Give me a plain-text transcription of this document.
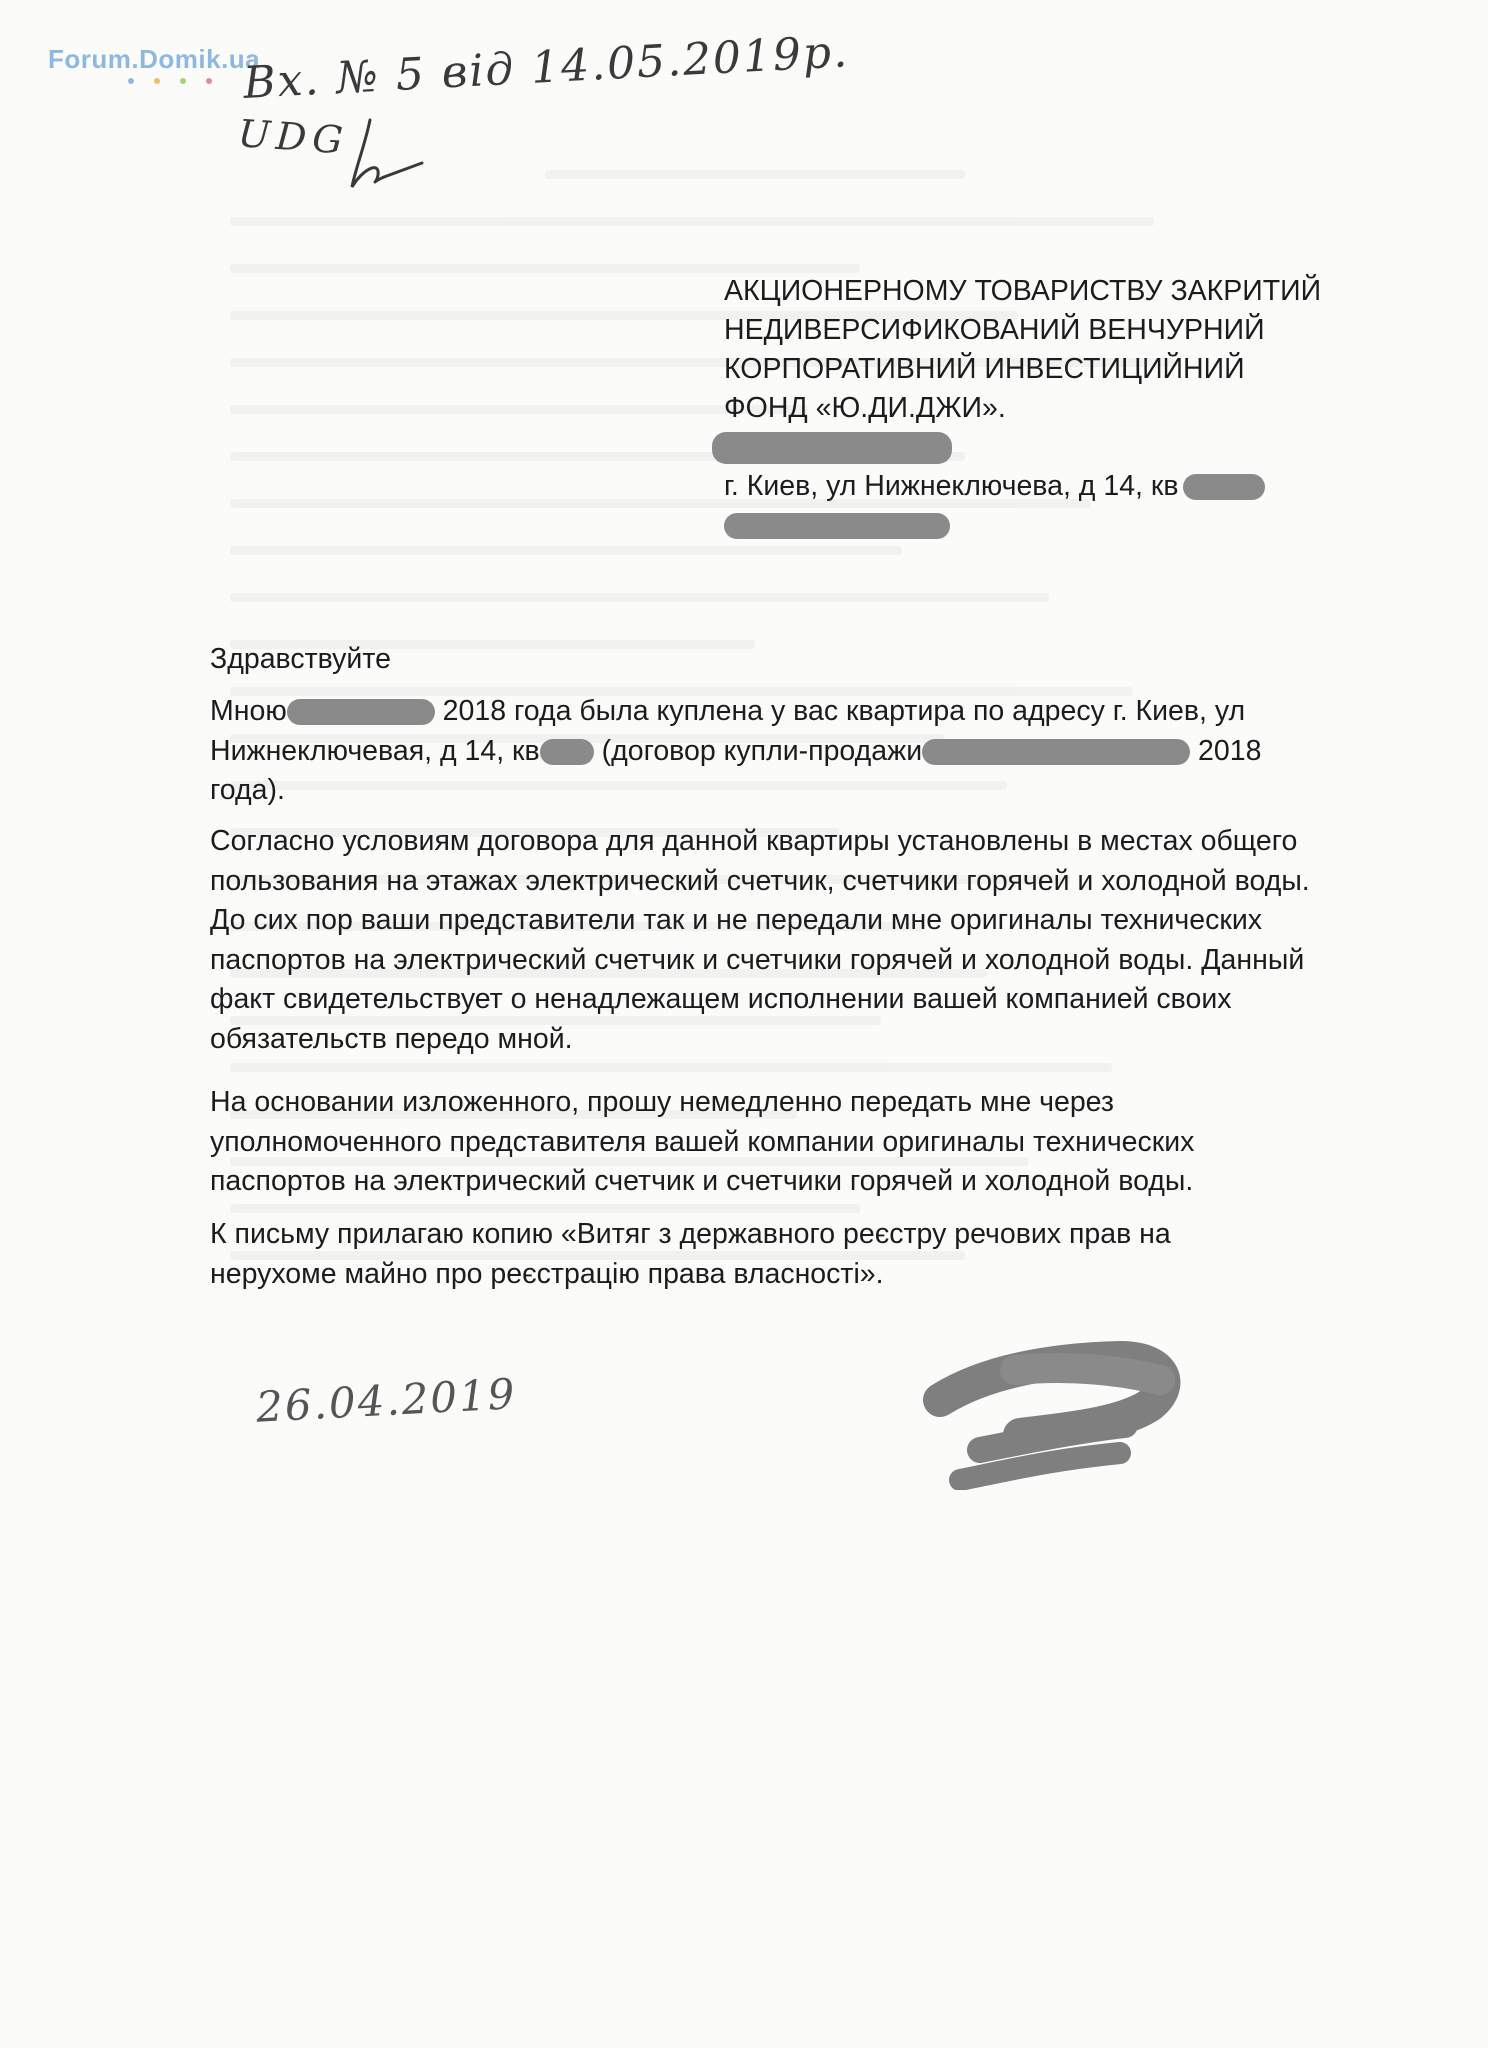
Forum.Domik.ua
Вх. № 5 від 14.05.2019р.
UDG
АКЦИОНЕРНОМУ ТОВАРИСТВУ ЗАКРИТИЙ
НЕДИВЕРСИФИКОВАНИЙ ВЕНЧУРНИЙ
КОРПОРАТИВНИЙ ИНВЕСТИЦИЙНИЙ
ФОНД «Ю.ДИ.ДЖИ».
г. Киев, ул Нижнеключева, д 14, кв
Здравствуйте

Мною	2018 года была куплена у вас квартира по адресу г. Киев, ул

Нижнеключевая, д 14, кв (договор купли-продажи	2018

года).

Согласно условиям договора для данной квартиры установлены в местах общего пользования на этажах электрический счетчик, счетчики горячей и холодной воды. До сих пор ваши представители так и не передали мне оригиналы технических паспортов на электрический счетчик и счетчики горячей и холодной воды. Данный факт свидетельствует о ненадлежащем исполнении вашей компанией своих обязательств передо мной.
На основании изложенного, прошу немедленно передать мне через уполномоченного представителя вашей компании оригиналы технических паспортов на электрический счетчик и счетчики горячей и холодной воды.
К письму прилагаю копию «Витяг з державного реєстру речових прав на нерухоме майно про реєстрацію права власності».
26.04.2019
